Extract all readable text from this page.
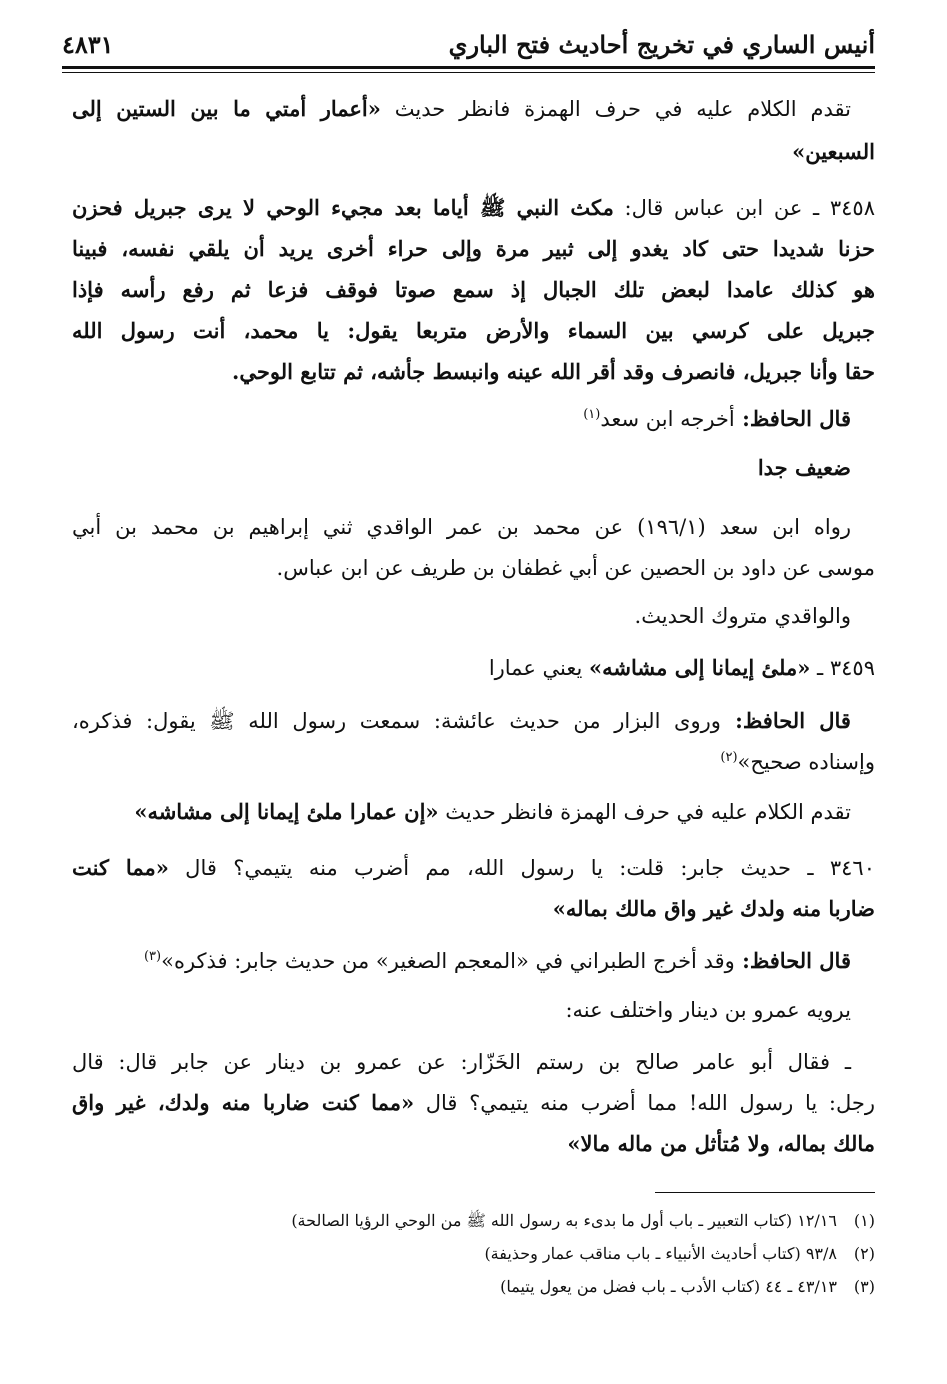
أنيس الساري في تخريج أحاديث فتح الباري
٤٨٣١
تقدم الكلام عليه في حرف الهمزة فانظر حديث «أعمار أمتي ما بين الستين إلى
السبعين»
٣٤٥٨ ـ عن ابن عباس قال: مكث النبي ﷺ أياما بعد مجيء الوحي لا يرى جبريل فحزن
حزنا شديدا حتى كاد يغدو إلى ثبير مرة وإلى حراء أخرى يريد أن يلقي نفسه، فبينا
هو كذلك عامدا لبعض تلك الجبال إذ سمع صوتا فوقف فزعا ثم رفع رأسه فإذا
جبريل على كرسي بين السماء والأرض متربعا يقول: يا محمد، أنت رسول الله
حقا وأنا جبريل، فانصرف وقد أقر الله عينه وانبسط جأشه، ثم تتابع الوحي.
قال الحافظ: أخرجه ابن سعد$^{(١)}$
ضعيف جدا
رواه ابن سعد (١٩٦/١) عن محمد بن عمر الواقدي ثني إبراهيم بن محمد بن أبي
موسى عن داود بن الحصين عن أبي غطفان بن طريف عن ابن عباس.
والواقدي متروك الحديث.
٣٤٥٩ ـ «ملئ إيمانا إلى مشاشه» يعني عمارا
قال الحافظ: وروى البزار من حديث عائشة: سمعت رسول الله ﷺ يقول: فذكره،
وإسناده صحيح»$^{(٢)}$
تقدم الكلام عليه في حرف الهمزة فانظر حديث «إن عمارا ملئ إيمانا إلى مشاشه»
٣٤٦٠ ـ حديث جابر: قلت: يا رسول الله، مم أضرب منه يتيمي؟ قال «مما كنت
ضاربا منه ولدك غير واق مالك بماله»
قال الحافظ: وقد أخرج الطبراني في «المعجم الصغير» من حديث جابر: فذكره»$^{(٣)}$
يرويه عمرو بن دينار واختلف عنه:
ـ فقال أبو عامر صالح بن رستم الخَزّار: عن عمرو بن دينار عن جابر قال: قال
رجل: يا رسول الله! مما أضرب منه يتيمي؟ قال «مما كنت ضاربا منه ولدك، غير واق
مالك بماله، ولا مُتأثل من ماله مالا»
(١)١٢/١٦ (كتاب التعبير ـ باب أول ما بدىء به رسول الله ﷺ من الوحي الرؤيا الصالحة)
(٢)٩٣/٨ (كتاب أحاديث الأنبياء ـ باب مناقب عمار وحذيفة)
(٣)٤٣/١٣ ـ ٤٤ (كتاب الأدب ـ باب فضل من يعول يتيما)
